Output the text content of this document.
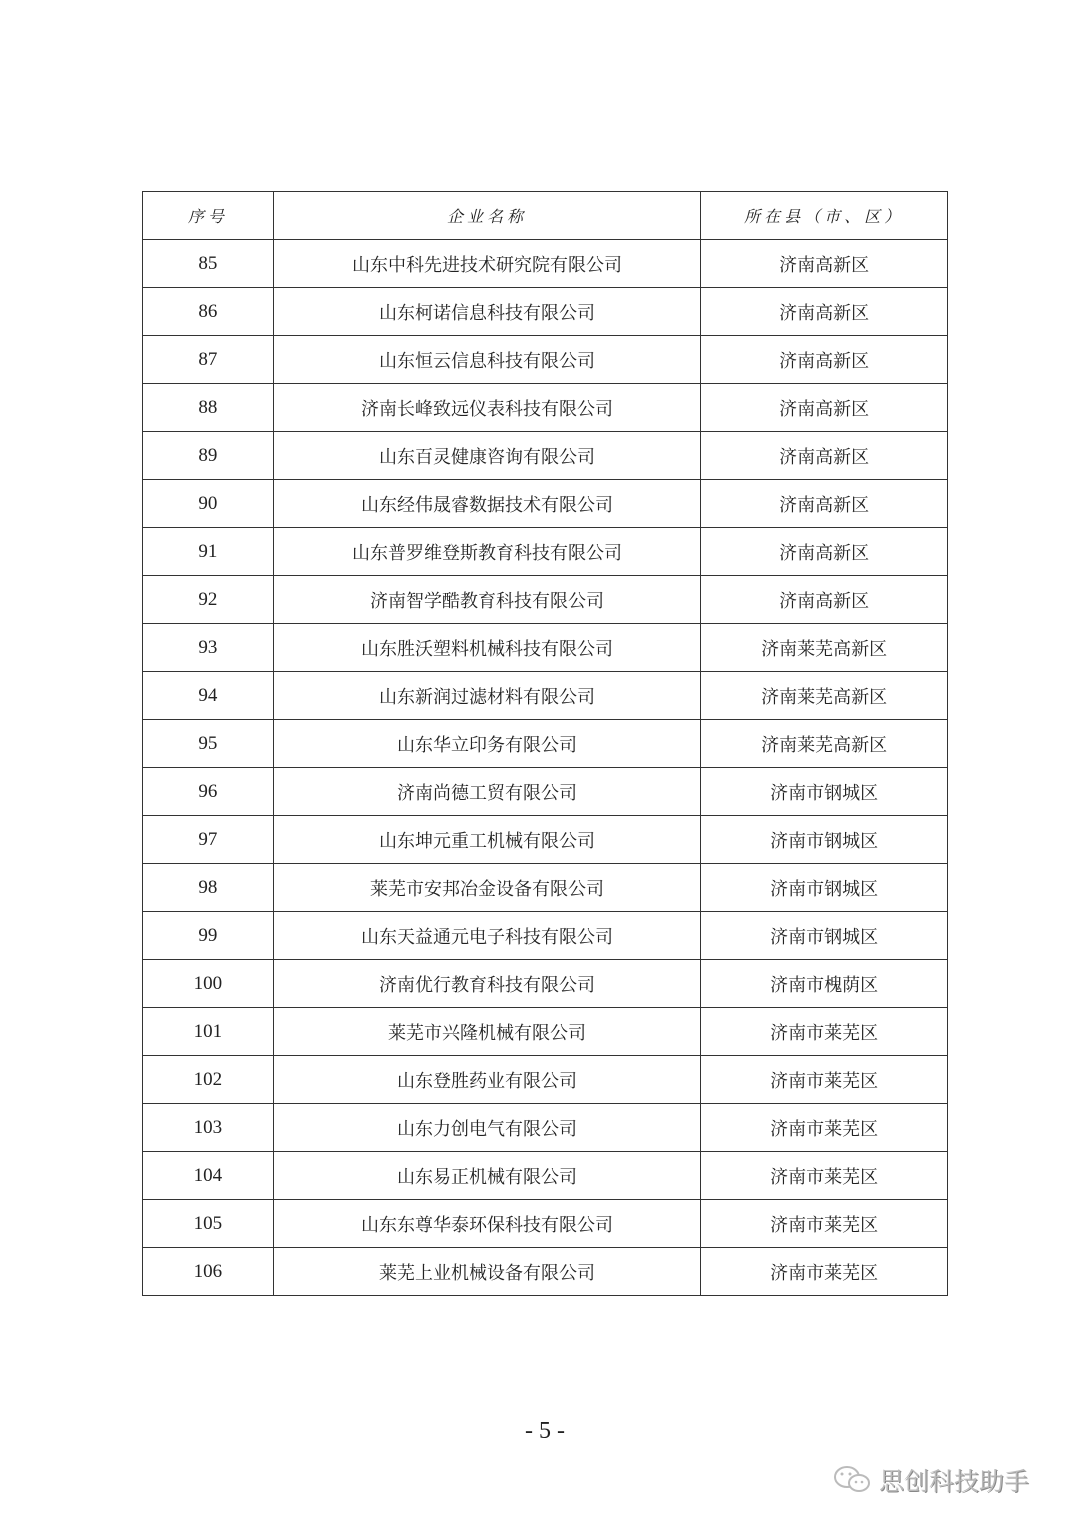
序号	企业名称	所在县（市、区）
85	山东中科先进技术研究院有限公司	济南高新区
86	山东柯诺信息科技有限公司	济南高新区
87	山东恒云信息科技有限公司	济南高新区
88	济南长峰致远仪表科技有限公司	济南高新区
89	山东百灵健康咨询有限公司	济南高新区
90	山东经伟晟睿数据技术有限公司	济南高新区
91	山东普罗维登斯教育科技有限公司	济南高新区
92	济南智学酷教育科技有限公司	济南高新区
93	山东胜沃塑料机械科技有限公司	济南莱芜高新区
94	山东新润过滤材料有限公司	济南莱芜高新区
95	山东华立印务有限公司	济南莱芜高新区
96	济南尚德工贸有限公司	济南市钢城区
97	山东坤元重工机械有限公司	济南市钢城区
98	莱芜市安邦冶金设备有限公司	济南市钢城区
99	山东天益通元电子科技有限公司	济南市钢城区
100	济南优行教育科技有限公司	济南市槐荫区
101	莱芜市兴隆机械有限公司	济南市莱芜区
102	山东登胜药业有限公司	济南市莱芜区
103	山东力创电气有限公司	济南市莱芜区
104	山东易正机械有限公司	济南市莱芜区
105	山东东尊华泰环保科技有限公司	济南市莱芜区
106	莱芜上业机械设备有限公司	济南市莱芜区
- 5 -
思创科技助手
